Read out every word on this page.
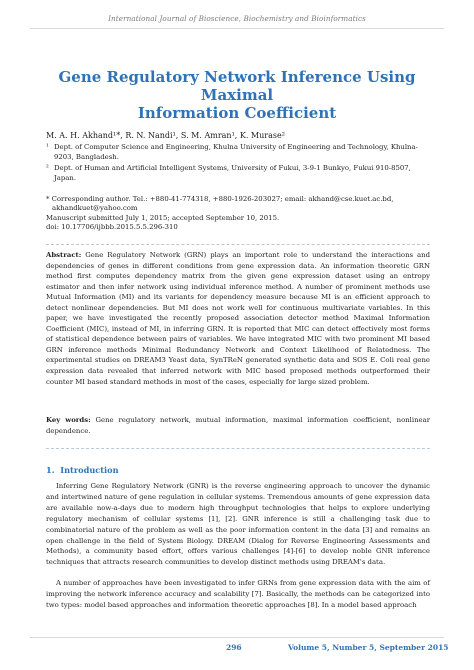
International Journal of Bioscience, Biochemistry and Bioinformatics
Gene Regulatory Network Inference Using Maximal
Information Coefficient
M. A. H. Akhand¹*, R. N. Nandi¹, S. M. Amran¹, K. Murase²
¹ Dept. of Computer Science and Engineering, Khulna University of Engineering and Technology, Khulna-9203, Bangladesh.
² Dept. of Human and Artificial Intelligent Systems, University of Fukui, 3-9-1 Bunkyo, Fukui 910-8507, Japan.
* Corresponding author. Tel.: +880-41-774318, +880-1926-203027; email: akhand@cse.kuet.ac.bd,
akhandkuet@yahoo.com
Manuscript submitted July 1, 2015; accepted September 10, 2015.
doi: 10.17706/ijbbb.2015.5.5.296-310
Abstract: Gene Regulatory Network (GRN) plays an important role to understand the interactions and dependencies of genes in different conditions from gene expression data. An information theoretic GRN method first computes dependency matrix from the given gene expression dataset using an entropy estimator and then infer network using individual inference method. A number of prominent methods use Mutual Information (MI) and its variants for dependency measure because MI is an efficient approach to detect nonlinear dependencies. But MI does not work well for continuous multivariate variables. In this paper, we have investigated the recently proposed association detector method Maximal Information Coefficient (MIC), instead of MI, in inferring GRN. It is reported that MIC can detect effectively most forms of statistical dependence between pairs of variables. We have integrated MIC with two prominent MI based GRN inference methods Minimal Redundancy Network and Context Likelihood of Relatedness. The experimental studies on DREAM3 Yeast data, SynTReN generated synthetic data and SOS E. Coli real gene expression data revealed that inferred network with MIC based proposed methods outperformed their counter MI based standard methods in most of the cases, especially for large sized problem.
Key words: Gene regulatory network, mutual information, maximal information coefficient, nonlinear dependence.
1. Introduction
Inferring Gene Regulatory Network (GNR) is the reverse engineering approach to uncover the dynamic and intertwined nature of gene regulation in cellular systems. Tremendous amounts of gene expression data are available now-a-days due to modern high throughput technologies that helps to explore underlying regulatory mechanism of cellular systems [1], [2]. GNR inference is still a challenging task due to combinatorial nature of the problem as well as the poor information content in the data [3] and remains an open challenge in the field of System Biology. DREAM (Dialog for Reverse Engineering Assessments and Methods), a community based effort, offers various challenges [4]-[6] to develop noble GNR inference techniques that attracts research communities to develop distinct methods using DREAM's data.
A number of approaches have been investigated to infer GRNs from gene expression data with the aim of improving the network inference accuracy and scalability [7]. Basically, the methods can be categorized into two types: model based approaches and information theoretic approaches [8]. In a model based approach
296	Volume 5, Number 5, September 2015
